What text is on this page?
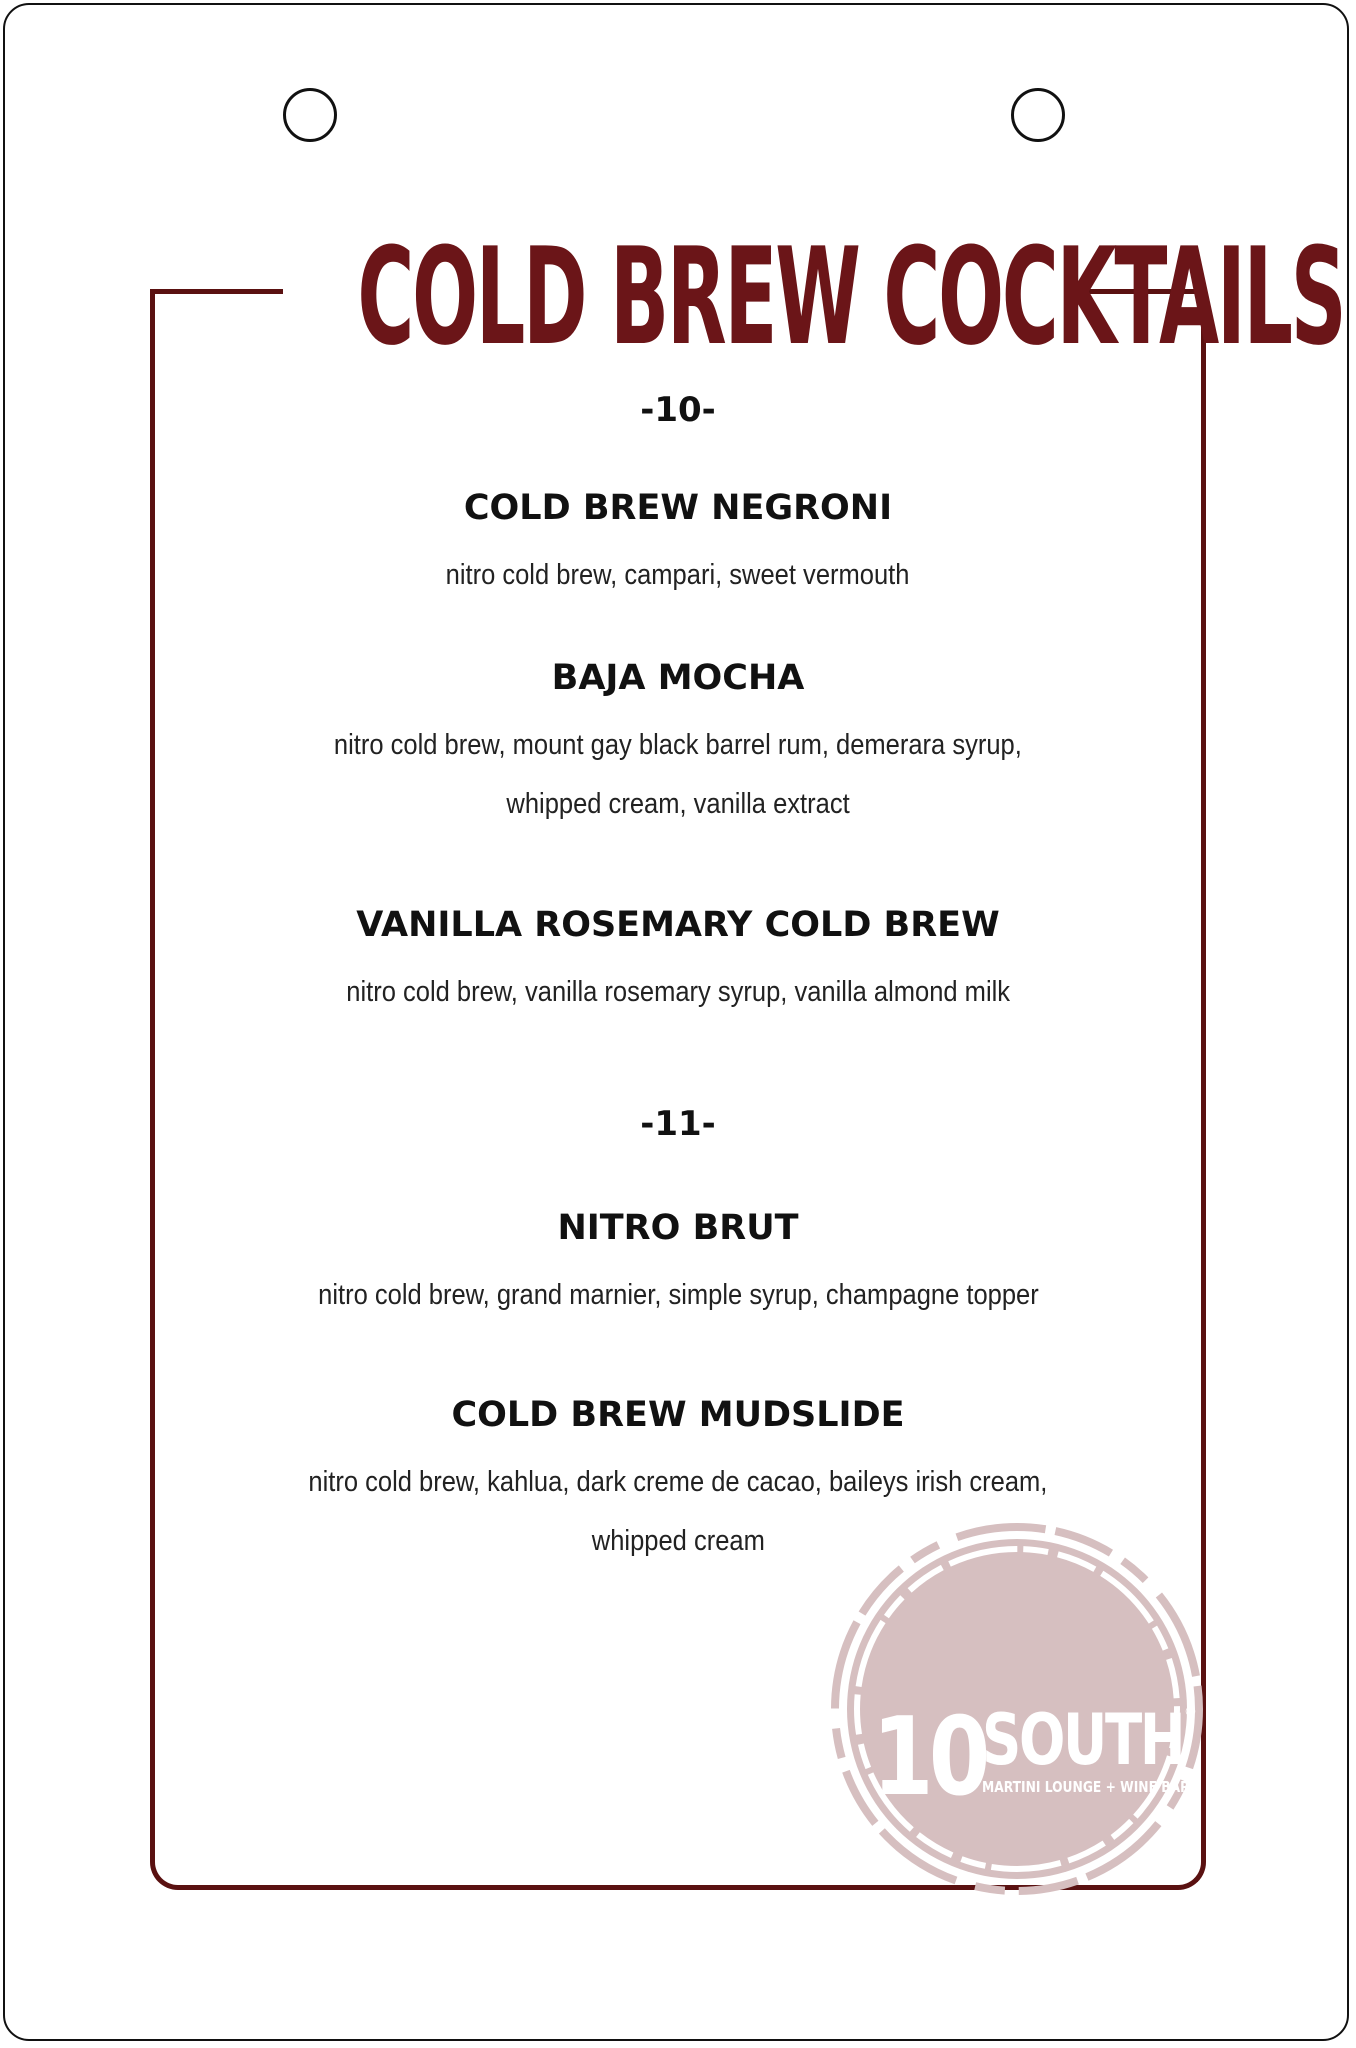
COLD BREW COCKTAILS
-10-
COLD BREW NEGRONI
nitro cold brew, campari, sweet vermouth
BAJA MOCHA
nitro cold brew, mount gay black barrel rum, demerara syrup,
whipped cream, vanilla extract
VANILLA ROSEMARY COLD BREW
nitro cold brew, vanilla rosemary syrup, vanilla almond milk
-11-
NITRO BRUT
nitro cold brew, grand marnier, simple syrup, champagne topper
COLD BREW MUDSLIDE
nitro cold brew, kahlua, dark creme de cacao, baileys irish cream,
whipped cream
10
SOUTH ®
MARTINI LOUNGE + WINE BAR
